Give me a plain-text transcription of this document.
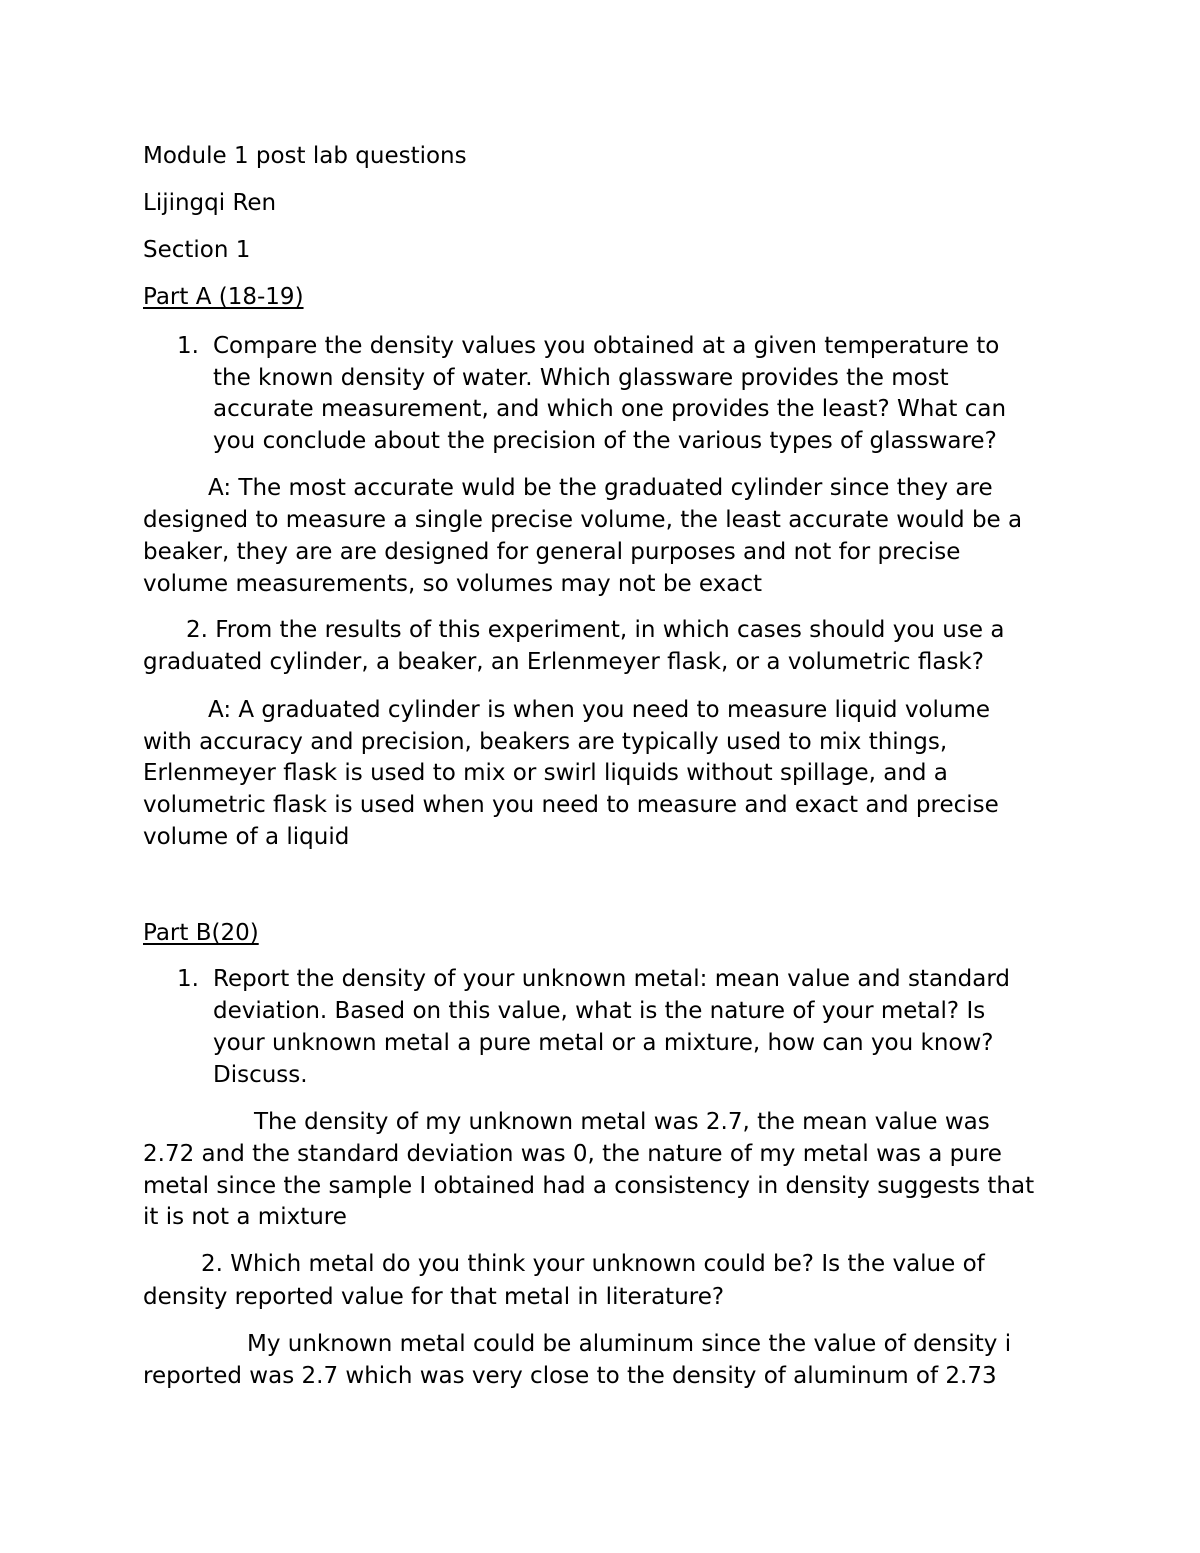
Module 1 post lab questions

Lijingqi Ren

Section 1

Part A (18-19)

1. Compare the density values you obtained at a given temperature to

the known density of water. Which glassware provides the most

accurate measurement, and which one provides the least? What can

you conclude about the precision of the various types of glassware?

A: The most accurate wuld be the graduated cylinder since they are

designed to measure a single precise volume, the least accurate would be a

beaker, they are are designed for general purposes and not for precise

volume measurements, so volumes may not be exact

2. From the results of this experiment, in which cases should you use a

graduated cylinder, a beaker, an Erlenmeyer flask, or a volumetric flask?

A: A graduated cylinder is when you need to measure liquid volume

with accuracy and precision, beakers are typically used to mix things,

Erlenmeyer flask is used to mix or swirl liquids without spillage, and a

volumetric flask is used when you need to measure and exact and precise

volume of a liquid

Part B(20)

1. Report the density of your unknown metal: mean value and standard

deviation. Based on this value, what is the nature of your metal? Is

your unknown metal a pure metal or a mixture, how can you know?

Discuss.

The density of my unknown metal was 2.7, the mean value was

2.72 and the standard deviation was 0, the nature of my metal was a pure

metal since the sample I obtained had a consistency in density suggests that

it is not a mixture

2. Which metal do you think your unknown could be? Is the value of

density reported value for that metal in literature?

My unknown metal could be aluminum since the value of density i

reported was 2.7 which was very close to the density of aluminum of 2.73
